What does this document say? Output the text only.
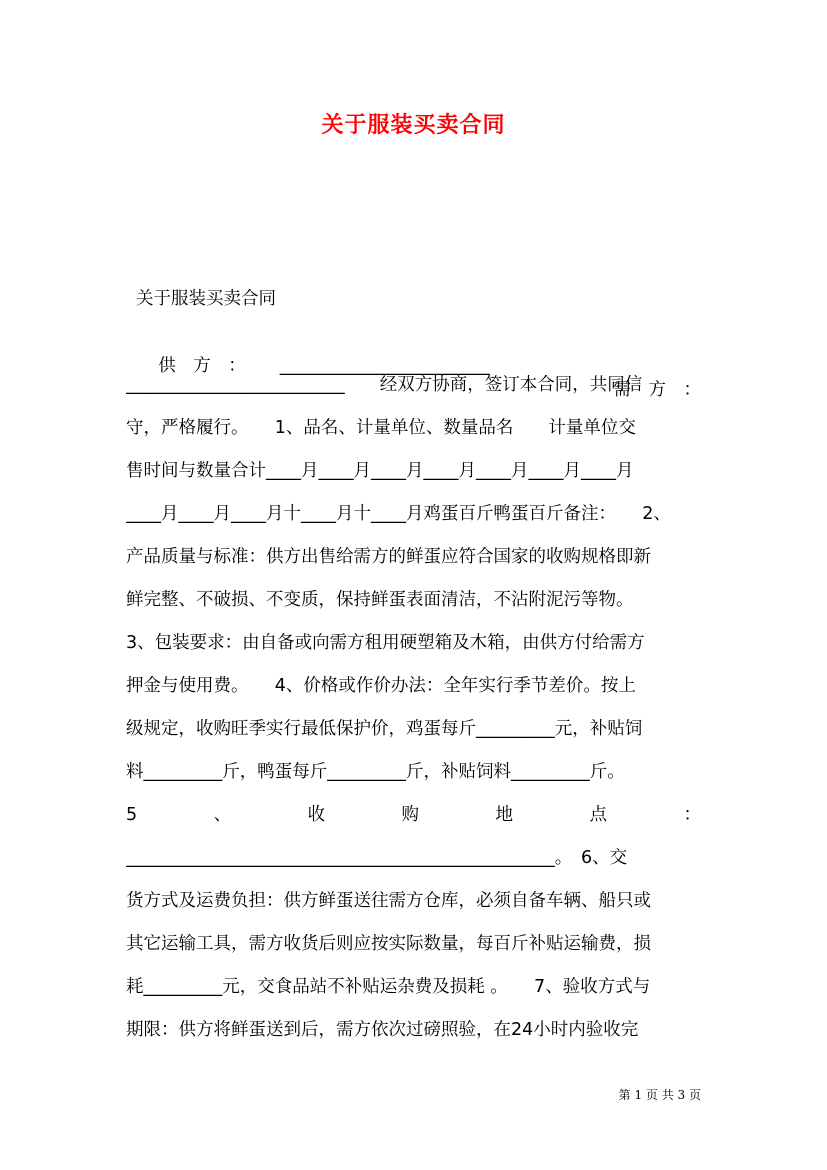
关于服装买卖合同
关于服装买卖合同

供　方　： ________________________

需　方　：

_________________________　　经双方协商，签订本合同，共同信
守，严格履行。　　1、品名、计量单位、数量品名　　计量单位交
售时间与数量合计____月____月____月____月____月____月____月
____月____月____月十____月十____月鸡蛋百斤鸭蛋百斤备注：　　2、
产品质量与标准：供方出售给需方的鲜蛋应符合国家的收购规格即新
鲜完整、不破损、不变质，保持鲜蛋表面清洁，不沾附泥污等物。
3、包装要求：由自备或向需方租用硬塑箱及木箱，由供方付给需方
押金与使用费。　　4、价格或作价办法：全年实行季节差价。按上
级规定，收购旺季实行最低保护价，鸡蛋每斤_________元，补贴饲
料_________斤，鸭蛋每斤_________斤，补贴饲料_________斤。
5	、	收	购	地	点	：
_________________________________________________。　6、交
货方式及运费负担：供方鲜蛋送往需方仓库，必须自备车辆、船只或
其它运输工具，需方收货后则应按实际数量，每百斤补贴运输费，损
耗_________元，交食品站不补贴运杂费及损耗 。　　7、验收方式与
期限：供方将鲜蛋送到后，需方依次过磅照验，在24小时内验收完
第 1 页 共 3 页
